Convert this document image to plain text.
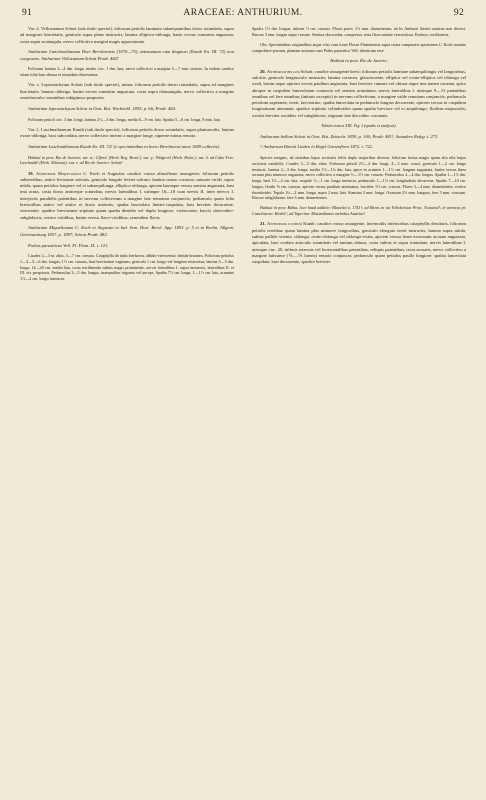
91	ARACEAE: ANTHURIUM.	92

Var. δ. Vellozianum Schott (sub titulo speciei), foliorum petiolis laminam subaequantibus dorso rotundatis, supra ad margines biacietatis, geniculo supra plane instructis; lamina elliptico-oblonga, basin versus cuneatim angustata, costa supra acutangula, nervo collectivo margini magis approximato.

Anthurium Lanchnothianum Hort Berolinensis (1870—75), attenuatum cum diagnosi (Kunth En. III. 72) non congruens. Anthurium Vellozianum Schott Prodr. 482!

Foliorum lamina 3—4 dm. longa, medio circ. 1 dm. lata, nervo collectivo a margine 5—7 mm. remoto. In eodem caudice etiam folia basi obtusa et rotundata observantur.

Var. ε. Leptostachyum Schott (sub titulo speciei), minor, foliorum petiolis dorso rotundatis, supra ad margines biacietatis; lamina oblonga, basim versus cuneatim angustata, costa supra obtusangula, nervo collectivo a margine remotiusculo; sominibus rubiginoso-purpureis.

Anthurium leptostachyum Schott in Oest. Bot. Wochenbl. 1855. p. 66; Prodr. 464.

Foliorum petioli circ. 3 dm. longi, lamina 2½—3 dm. longa, media 8—9 cm. lata. Spatha 5—6 cm. longa, 8 mm. lata.

Var. ζ. Luschnathianum Kunth (sub titulo speciei), foliorum petiolis dorso rotundatis, supra planiusculis, lamina ovato-oblonga, basi subcordata, nervo collectivo interno a margine longe, superne minus remoto.

Anthurium Luschnathianum Kunth En. III. 72! (e specimimibus in horto Berolinensi anno 1849 collectis).

Habitat in prov. Rio de Janeiro; var. α.: Glfors! (Herb. Reg. Berol.); var. γ.: Widgren! (Herb. Holm.); var. δ. ad Cabo Frio: Luschnath! (Herb. Kilianus); var. ε. ad Rio de Janeiro: Schott!

19. Anthurium Miquelianum C. Koch et Augustin: caudice crasso altiusfbone assurgente; foliorum petiolis subteretibus, antice levissime sulcatis, geniculo longule leviter sulcato; lamina crasse coriacea, saturate viridi, supra nitida, quam petiolus longiore vel ei subaequilonga, elliptico-oblonga, apicem basinque versus sensim angustata, basi ima acuta, costa dorso anticeque rotundata, nervis lateralibus I. utrinque 16—18 cum nervis II. inter nervos I. interjectis parallelis patentibus in nervum collectivum a margine late remotum conjunctis; pedunculo quam folia breviorlbus antice vel antice et dorso acietatis; spatha lanceolata lineari-cuspidata, basi breviter decurrente, virescente; spadice breviusime stipitato quam spatha dimidio vel duplo longiore, violascente; baccis obovoideo-subglobosis, vertice viridibus, basim versus flavo-viridibus; seminibus flavis.

Anthurium Miquelianum C. Koch et Augustin in Ind. Sem. Hort. Berol. App. 1853. p. 5 et in Berlin. Allgem. Gartenzeitung 1857. p. 1897; Schott Prodr. 482.

Pothos parasiticus Vell. Fl. Flum. IX. t. 121.

Caudex 2—3 m. altus, 3—7 cm. crassus. Cataphylla ab initio herbacea, albido-virescentia; deinde brunnea. Foliorum petiolus 1—3—5—6 dm. longus, 1½ cm. crassus, basi brevissime vaginans, geniculo 1 cm. longo vel longiore instructus; lamina 3—5 dm. longa, 14—20 cm. media lata, costa terrilimeula subtus magis prominente, nervis lateralibus I. supra immersis, lateralibus II. et III. vix perspicuis. Pedunculus 3—5 dm. longus, inaequaliter trigonus vel anceps. Spatha 7½ cm. longa, 1—1½ cm. lata, acumine 1½—2 cm. longo instructa.

Spadix 1½ dm. longus, inferne ½ cm. crassus. Flores parvi, 1½ mm. diametientes, ab lis Anthurii Sternii omnino non diversi. Baccae 3 mm. longae atque crassae. Semina obovoidea, compressa, testa flava minute verruculosa. Embryo cordiformis.

Obs. Speciminibus originalibus atque viris cum icone Florae Fluminensis supra citata comparatis opinionem C. Koch omnino comprobare possum, plantam nostram cum Potho parasitico Vell. identicam esse.

Habitat in prov. Rio de Janeiro.

20. Anthurium bellum Schott: caudice assurgente brevi; foliorum petiolis laminae subaequilongis vel longioribus, sulcatis, geniculo longiusculo instructis; lamina coriacea, glaucescente, elliptica vel ovato-elliptica vel oblonga vel ovali, basim atque apicem versus paullum angustata, basi breviter cuneata vel obtusa atque ima tamen cuneata, apice abrupte in cuspidem lanceolatam contracta vel sensim acuminata, nervis lateralibus I. utrinque 9—13 patentibus omnibus vel fere omnibus (intimis exceptis) in nervum collectivum, a margine valde remotum conjunctis; pedunculo petiolum superante, tereti, laevissimo; spatha lanceolata in pedunculo longius decurrente, apicem versus in cuspidem longissimam attenuata; spadice stipitato cylindroideo quam spatha breviore vel ei aequilongo; floribus majusculis; ovariis breviter ovoideis vel subglobosis, stigmate late discoideo coronatis.

Tabula nostra XIII. Fig. I (spadix et analysis).

Anthurium bellum Schott in Oest. Bot. Zeitschr. 1859. p. 100; Prodr. 481!; Saunders Refug. t. 273.

? Anthurium Binotii Linden in Regel Gartenflora 1872. t. 722.

Species insignis, ab omnibus hujus sectionis foliis duplo majoribus diversa, foliorum forma magis quam alia ulla hujus sectionis variabilis. Caudex 3—5 dm. altus. Foliorum petioli 2½—4 dm. longi, 4—5 mm. crassi, geniculo 1—2 cm. longo instructi; lamina 2—3 dm. longa, media 1½—1¾ dm. lata, apice in acumen 1—1½ cm. longum angustata, basim versus linea arcuata plus minusve angustata, nervo collectivo a margine ½—1½ cm. remoto. Pedunculus 2—4 dm. longus. Spatha 1—1½ dm. longa, basi 1½—2 cm. lata, cuspide ½—1 cm. longa instructa, pedunculo 1—1½ cm. longitudinis decurrens. Spadix 7—10 cm. longus, floribr ⅝ cm. crassus, apicem versus paullum attenuatus, fructifer 1½ cm. crassus. Flores 3—4 mm. diametientes, vertice rhomboidei. Tepala 1¼—2 mm. longa, supra 2 mm. lata. Staminа 2 mm. longa. Ovarium 2½ mm. longum, fere 3 mm. crassum. Baccae subglobosae, fere 3 mm. diametientes.

Habitat in prov. Bahia, loco haud addicto: Blanchet n. 1741!; ad Ilheos in via Felisbertiae Princ. Neuwied!; in arenosis pr. Castelnuovo: Riedel!; ad Taperina: Maximilianus archidux Austriae!

21. Anthurium lucidum Kunth: caudice crasso assurgente, internodiis inferioribus cataphyllis destitutis, foliorum petiolis teretibus quam lamina plus minusve longioribus, geniculo elongato tereti instructis; lamina supra nitida, subtus pallide virente, oblonga, ovato-oblonga vel oblongo-ovata, apicem versus linea extrorsum arcuata angustata, apiculata, basi cordata auriculis rotundatis vel tantum obtusa, costa subtus et supra rotundata, nervis lateralibus I. utrinque circ. 20, infimis retrorsis vel horizontalibus patentibus, reliquis patentibus, recta arcuatis, nervo collectivo a margine latissime (⅙—⅕ lateris) remoto conjuncto; pedunculo quam petiolus paullo longiore; spatha lanceolata cuspidata, basi decurrente, spadice breviter
